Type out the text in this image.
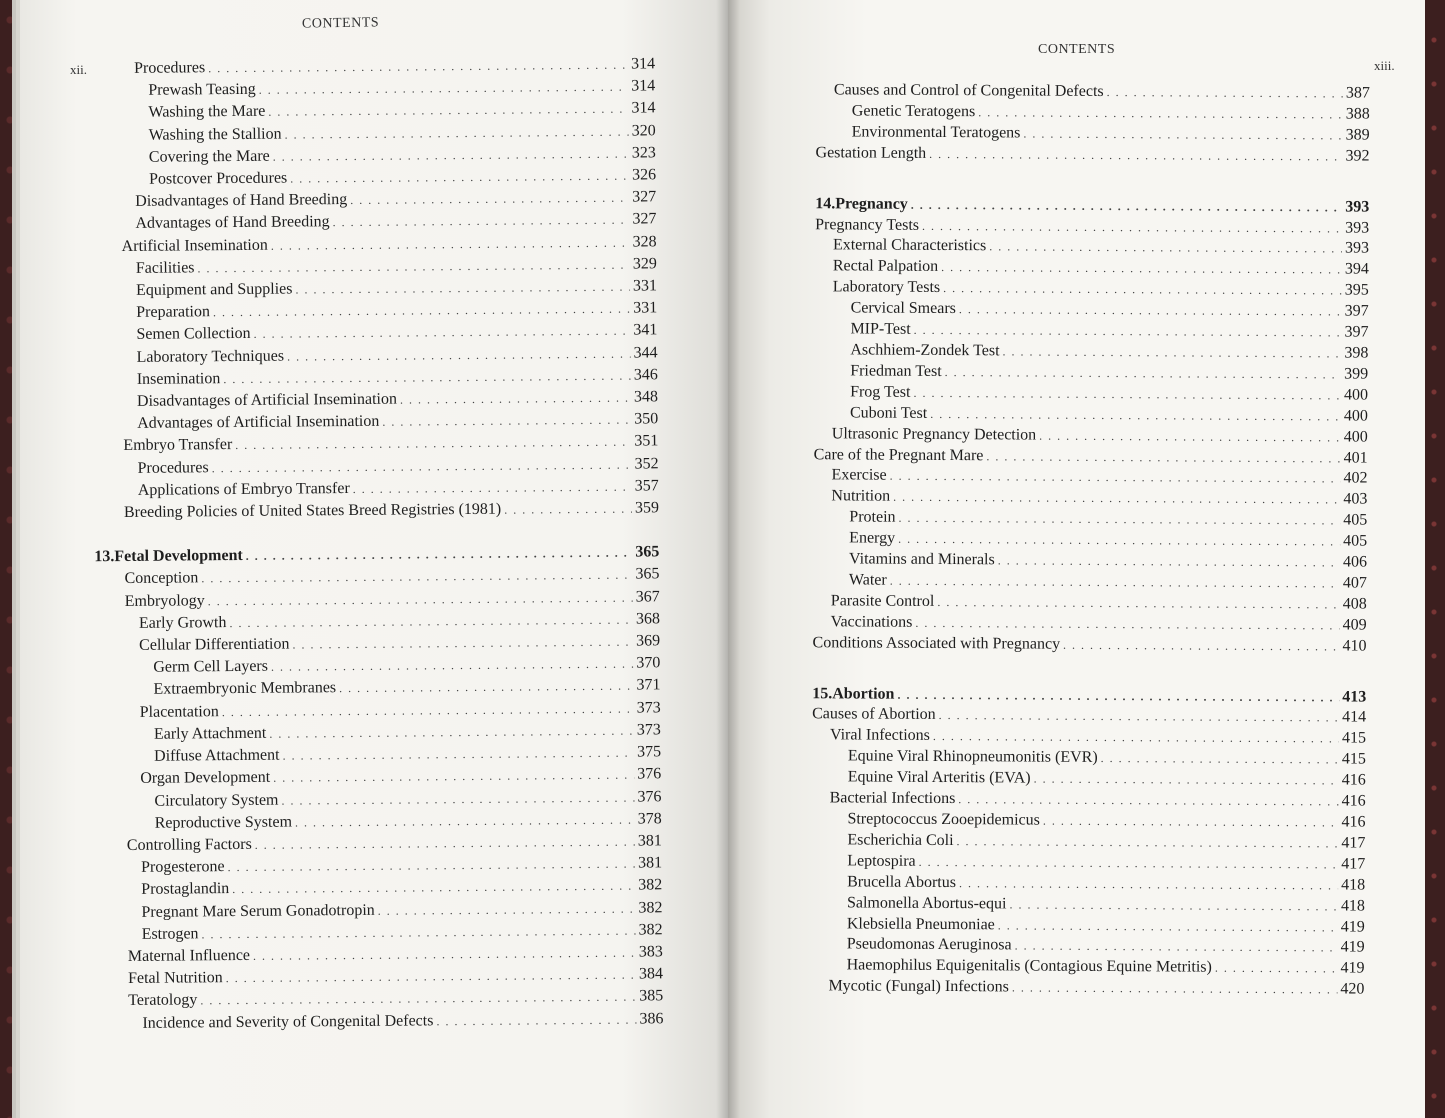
CONTENTS
xii.	Procedures . . .	314
Prewash Teasing . . .	314
Washing the Mare . . .	314
Washing the Stallion . . .	320
Covering the Mare . . .	323
Postcover Procedures . . .	326
Disadvantages of Hand Breeding . . .	327
Advantages of Hand Breeding . . .	327
Artificial Insemination . . .	328
Facilities . . .	329
Equipment and Supplies . . .	331
Preparation . . .	331
Semen Collection . . .	341
Laboratory Techniques . . .	344
Insemination . . .	346
Disadvantages of Artificial Insemination . . .	348
Advantages of Artificial Insemination . . .	350
Embryo Transfer . . .	351
Procedures . . .	352
Applications of Embryo Transfer . . .	357
Breeding Policies of United States Breed Registries (1981) . . .	359
13. Fetal Development . . .	365
Conception . . .	365
Embryology . . .	367
Early Growth . . .	368
Cellular Differentiation . . .	369
Germ Cell Layers . . .	370
Extraembryonic Membranes . . .	371
Placentation . . .	373
Early Attachment . . .	373
Diffuse Attachment . . .	375
Organ Development . . .	376
Circulatory System . . .	376
Reproductive System . . .	378
Controlling Factors . . .	381
Progesterone . . .	381
Prostaglandin . . .	382
Pregnant Mare Serum Gonadotropin . . .	382
Estrogen . . .	382
Maternal Influence . . .	383
Fetal Nutrition . . .	384
Teratology . . .	385
Incidence and Severity of Congenital Defects . . .	386
CONTENTS
xiii.
Causes and Control of Congenital Defects . . .	387
Genetic Teratogens . . .	388
Environmental Teratogens . . .	389
Gestation Length . . .	392
14. Pregnancy . . .	393
Pregnancy Tests . . .	393
External Characteristics . . .	393
Rectal Palpation . . .	394
Laboratory Tests . . .	395
Cervical Smears . . .	397
MIP-Test . . .	397
Aschhiem-Zondek Test . . .	398
Friedman Test . . .	399
Frog Test . . .	400
Cuboni Test . . .	400
Ultrasonic Pregnancy Detection . . .	400
Care of the Pregnant Mare . . .	401
Exercise . . .	402
Nutrition . . .	403
Protein . . .	405
Energy . . .	405
Vitamins and Minerals . . .	406
Water . . .	407
Parasite Control . . .	408
Vaccinations . . .	409
Conditions Associated with Pregnancy . . .	410
15. Abortion . . .	413
Causes of Abortion . . .	414
Viral Infections . . .	415
Equine Viral Rhinopneumonitis (EVR) . . .	415
Equine Viral Arteritis (EVA) . . .	416
Bacterial Infections . . .	416
Streptococcus Zooepidemicus . . .	416
Escherichia Coli . . .	417
Leptospira . . .	417
Brucella Abortus . . .	418
Salmonella Abortus-equi . . .	418
Klebsiella Pneumoniae . . .	419
Pseudomonas Aeruginosa . . .	419
Haemophilus Equigenitalis (Contagious Equine Metritis) . . .	419
Mycotic (Fungal) Infections . . .	420
